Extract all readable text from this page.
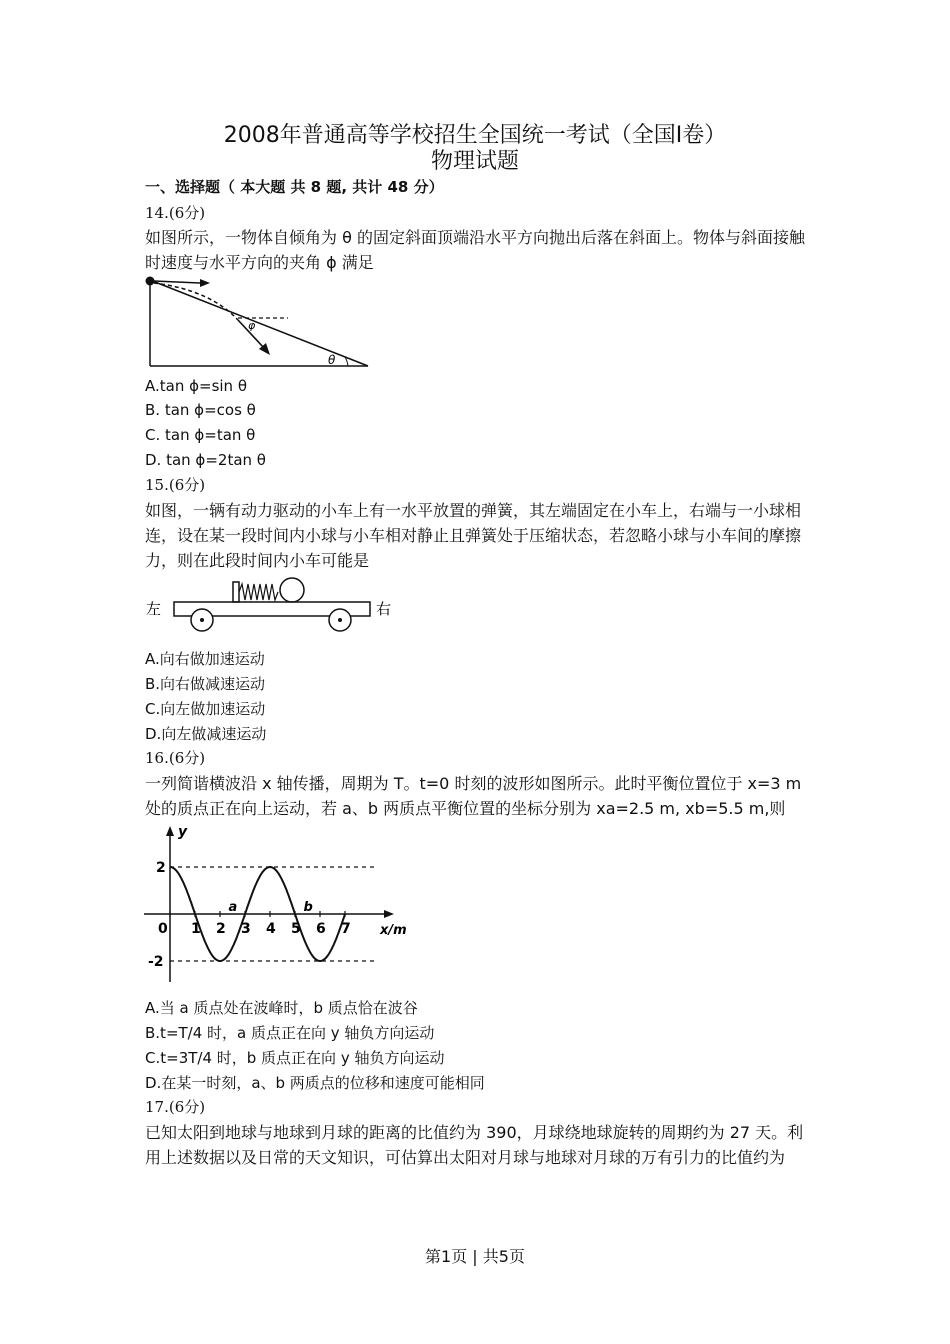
2008年普通高等学校招生全国统一考试（全国Ⅰ卷）
物理试题
一、选择题（ 本大题 共 8 题, 共计 48 分）
14.(6分)
如图所示，一物体自倾角为 θ 的固定斜面顶端沿水平方向抛出后落在斜面上。物体与斜面接触时速度与水平方向的夹角 ϕ 满足
φ
θ
A.tan ϕ=sin θ
B. tan ϕ=cos θ
C. tan ϕ=tan θ
D. tan ϕ=2tan θ
15.(6分)
如图，一辆有动力驱动的小车上有一水平放置的弹簧，其左端固定在小车上，右端与一小球相连，设在某一段时间内小球与小车相对静止且弹簧处于压缩状态，若忽略小球与小车间的摩擦力，则在此段时间内小车可能是
左	右
A.向右做加速运动
B.向右做减速运动
C.向左做加速运动
D.向左做减速运动
16.(6分)
一列简谐横波沿 x 轴传播，周期为 T。t=0 时刻的波形如图所示。此时平衡位置位于 x=3 m 处的质点正在向上运动，若 a、b 两质点平衡位置的坐标分别为 xa=2.5 m, xb=5.5 m,则
y
x/m
0 1 2 3 4 5 6 7
2
-2
a	b
A.当 a 质点处在波峰时，b 质点恰在波谷
B.t=T/4 时，a 质点正在向 y 轴负方向运动
C.t=3T/4 时，b 质点正在向 y 轴负方向运动
D.在某一时刻，a、b 两质点的位移和速度可能相同
17.(6分)
已知太阳到地球与地球到月球的距离的比值约为 390，月球绕地球旋转的周期约为 27 天。利用上述数据以及日常的天文知识，可估算出太阳对月球与地球对月球的万有引力的比值约为
第1页 | 共5页
